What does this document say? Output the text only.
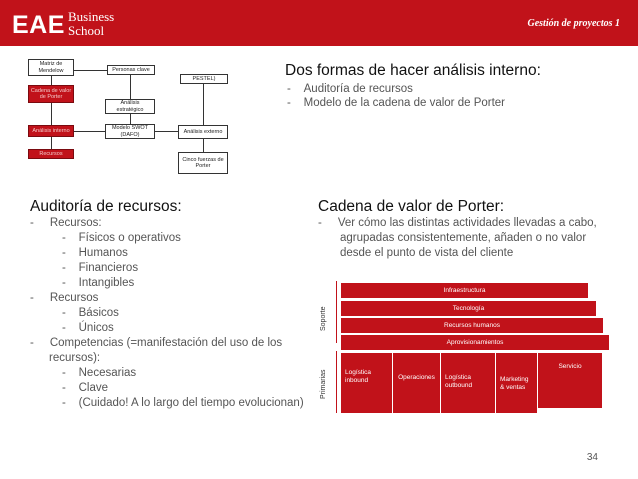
EAE Business
School	Gestión de proyectos 1
Matriz de Mendelow	Personas clave
PESTEL)
Cadena de valor de Porter
Análisis estratégico
Análisis interno	Modelo SWOT (DAFO)	Análisis externo
Recursos
Cinco fuerzas de Porter
Dos formas de hacer análisis interno:
-    Auditoría de recursos
-    Modelo de la cadena de valor de Porter
Auditoría de recursos:
-     Recursos:
-    Físicos o operativos
-    Humanos
-    Financieros
-    Intangibles
-     Recursos
-    Básicos
-    Únicos
-     Competencias (=manifestación del uso de los
recursos):
-    Necesarias
-    Clave
-    (Cuidado! A lo largo del tiempo evolucionan)
Cadena de valor de Porter:
-     Ver cómo las distintas actividades llevadas a cabo,
agrupadas consistentemente, añaden o no valor
desde el punto de vista del cliente
Soporte
Primarias
Infraestructura
Tecnología
Recursos humanos
Aprovisionamientos
Logística inbound	Operaciones	Logística outbound
Marketing & ventas
Servicio
34
